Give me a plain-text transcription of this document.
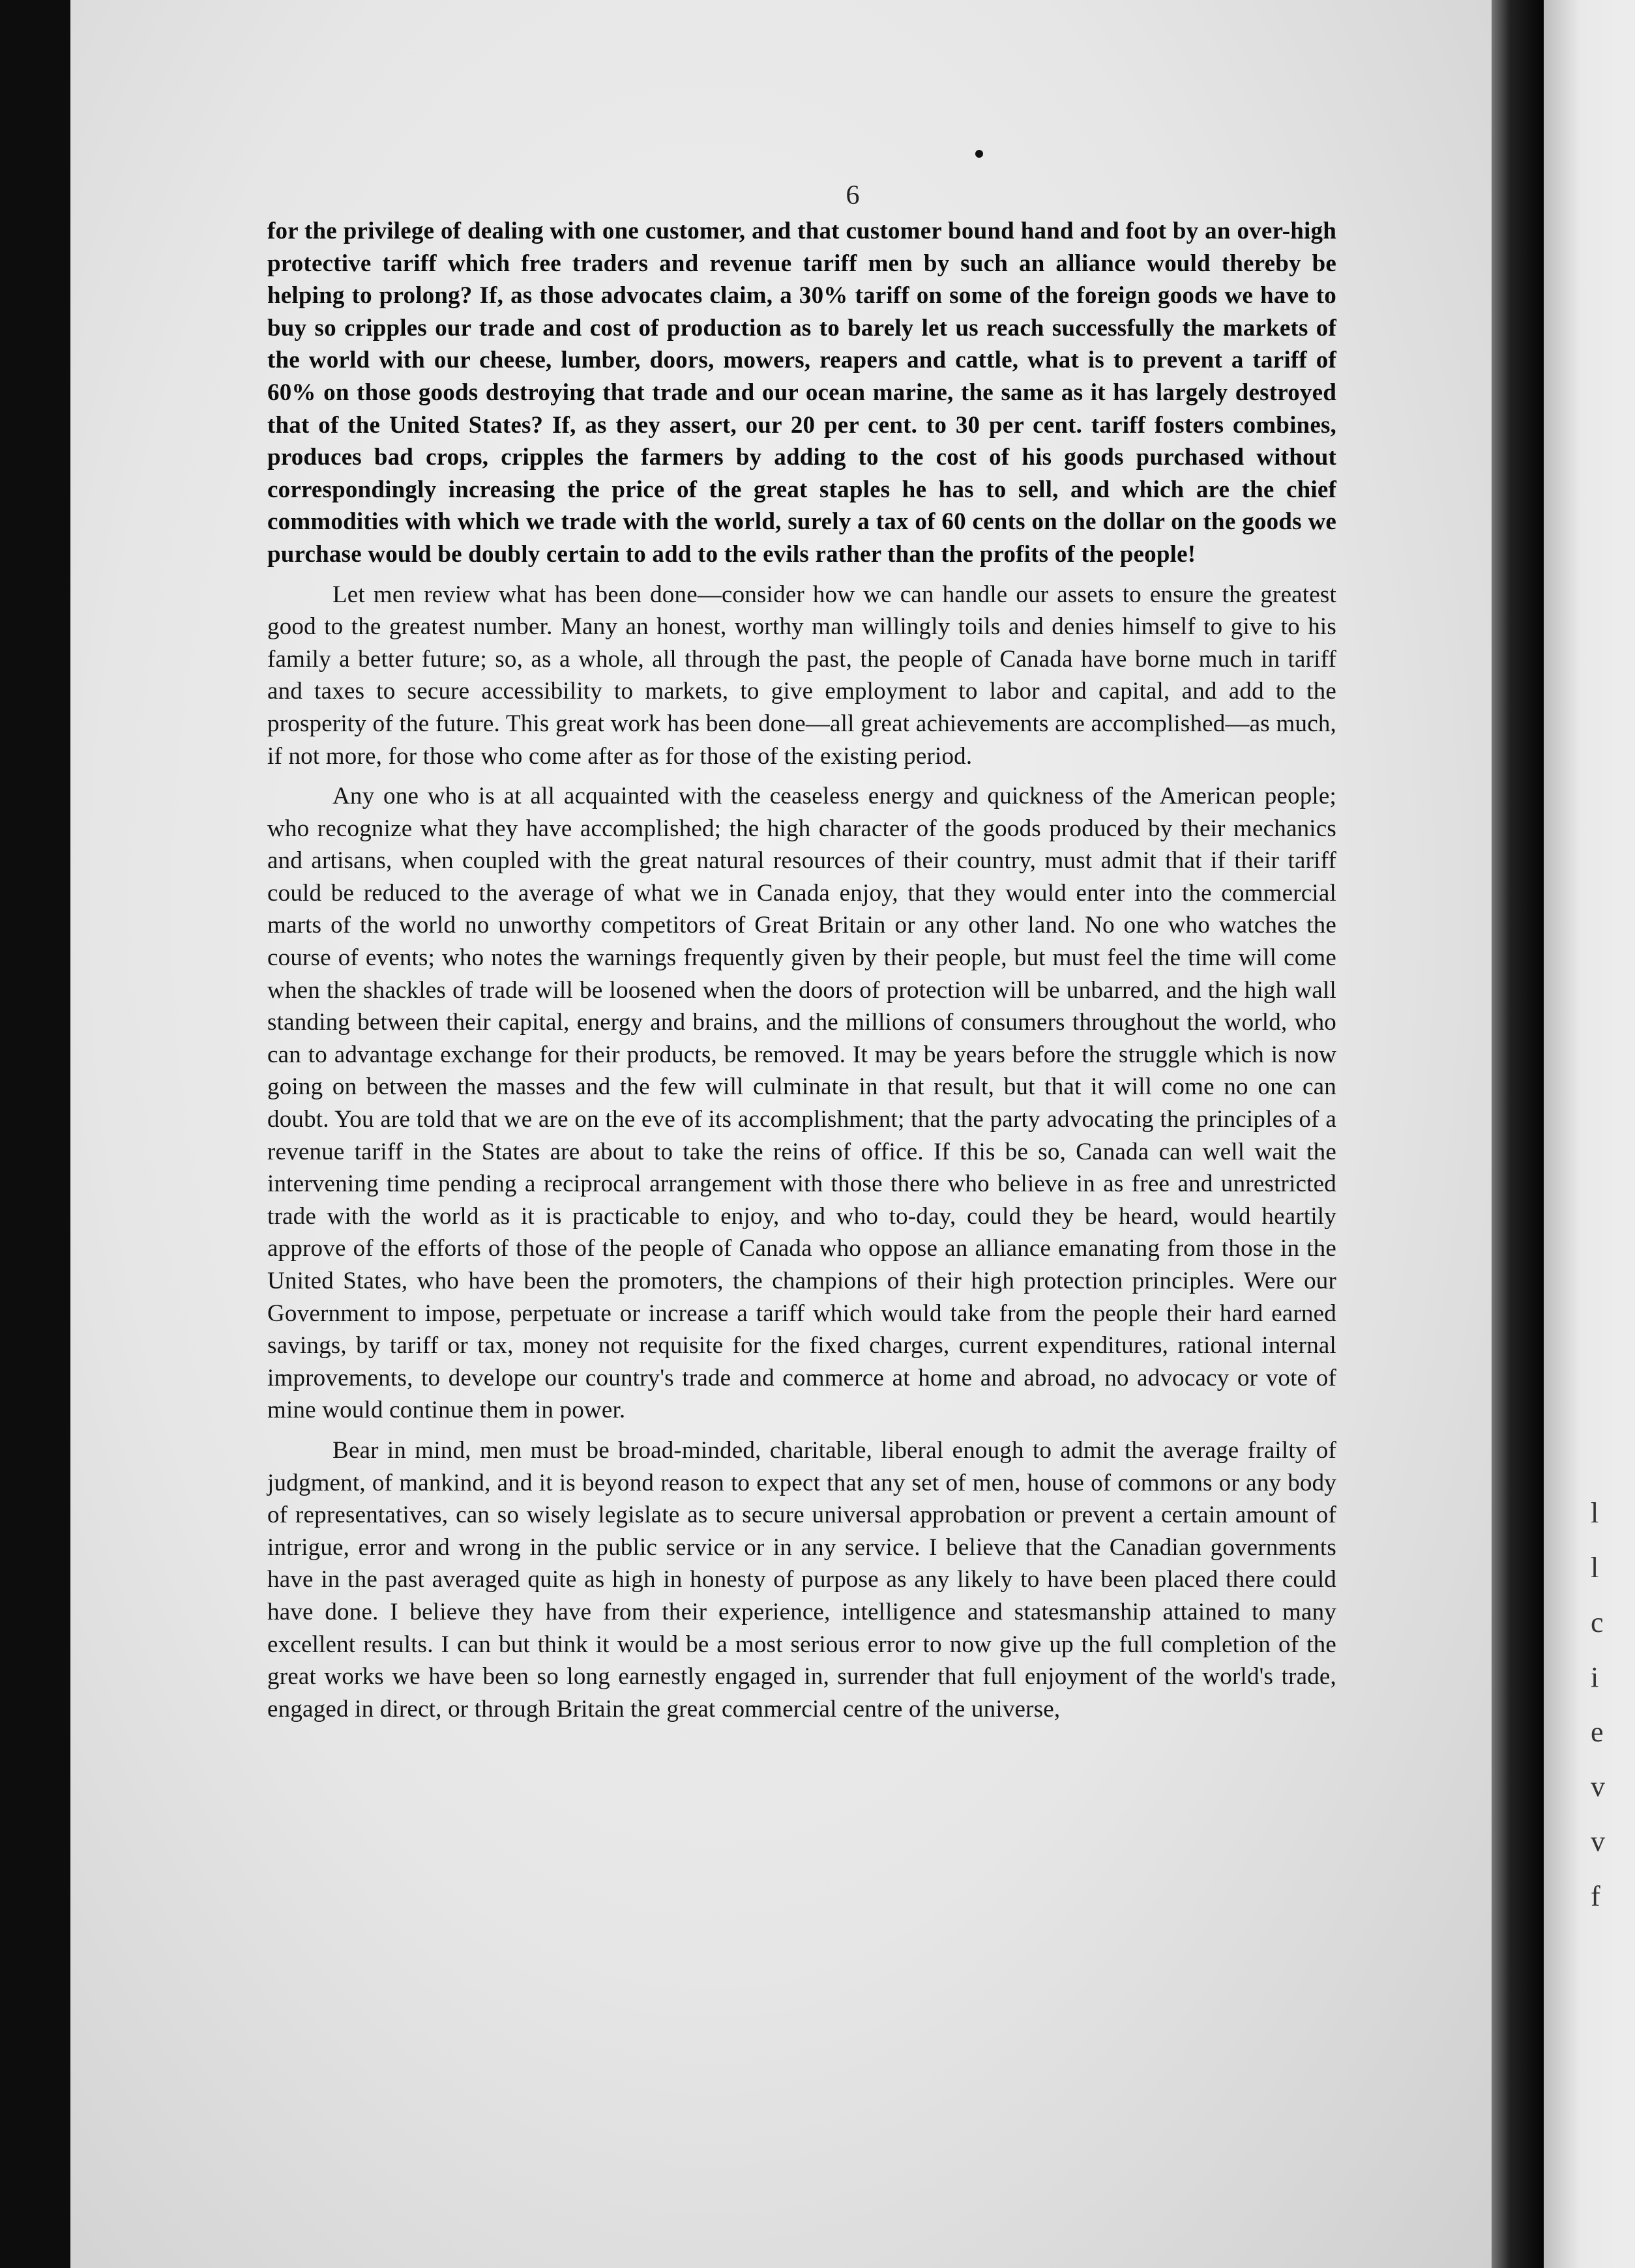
l
l
c
i
e
v
v
f
6

for the privilege of dealing with one customer, and that customer bound hand and foot by an over-high protective tariff which free traders and revenue tariff men by such an alliance would thereby be helping to prolong? If, as those advocates claim, a 30% tariff on some of the foreign goods we have to buy so cripples our trade and cost of production as to barely let us reach successfully the markets of the world with our cheese, lumber, doors, mowers, reapers and cattle, what is to prevent a tariff of 60% on those goods destroying that trade and our ocean marine, the same as it has largely destroyed that of the United States? If, as they assert, our 20 per cent. to 30 per cent. tariff fosters combines, produces bad crops, cripples the farmers by adding to the cost of his goods purchased without correspondingly increasing the price of the great staples he has to sell, and which are the chief commodities with which we trade with the world, surely a tax of 60 cents on the dollar on the goods we purchase would be doubly certain to add to the evils rather than the profits of the people!

Let men review what has been done—consider how we can handle our assets to ensure the greatest good to the greatest number. Many an honest, worthy man willingly toils and denies himself to give to his family a better future; so, as a whole, all through the past, the people of Canada have borne much in tariff and taxes to secure accessibility to markets, to give employment to labor and capital, and add to the prosperity of the future. This great work has been done—all great achievements are accomplished—as much, if not more, for those who come after as for those of the existing period.

Any one who is at all acquainted with the ceaseless energy and quickness of the American people; who recognize what they have accomplished; the high character of the goods produced by their mechanics and artisans, when coupled with the great natural resources of their country, must admit that if their tariff could be reduced to the average of what we in Canada enjoy, that they would enter into the commercial marts of the world no unworthy competitors of Great Britain or any other land. No one who watches the course of events; who notes the warnings frequently given by their people, but must feel the time will come when the shackles of trade will be loosened when the doors of protection will be unbarred, and the high wall standing between their capital, energy and brains, and the millions of consumers throughout the world, who can to advantage exchange for their products, be removed. It may be years before the struggle which is now going on between the masses and the few will culminate in that result, but that it will come no one can doubt. You are told that we are on the eve of its accomplishment; that the party advocating the principles of a revenue tariff in the States are about to take the reins of office. If this be so, Canada can well wait the intervening time pending a reciprocal arrangement with those there who believe in as free and unrestricted trade with the world as it is practicable to enjoy, and who to-day, could they be heard, would heartily approve of the efforts of those of the people of Canada who oppose an alliance emanating from those in the United States, who have been the promoters, the champions of their high protection principles. Were our Government to impose, perpetuate or increase a tariff which would take from the people their hard earned savings, by tariff or tax, money not requisite for the fixed charges, current expenditures, rational internal improvements, to develope our country's trade and commerce at home and abroad, no advocacy or vote of mine would continue them in power.

Bear in mind, men must be broad-minded, charitable, liberal enough to admit the average frailty of judgment, of mankind, and it is beyond reason to expect that any set of men, house of commons or any body of representatives, can so wisely legislate as to secure universal approbation or prevent a certain amount of intrigue, error and wrong in the public service or in any service. I believe that the Canadian governments have in the past averaged quite as high in honesty of purpose as any likely to have been placed there could have done. I believe they have from their experience, intelligence and statesmanship attained to many excellent results. I can but think it would be a most serious error to now give up the full completion of the great works we have been so long earnestly engaged in, surrender that full enjoyment of the world's trade, engaged in direct, or through Britain the great commercial centre of the universe,
